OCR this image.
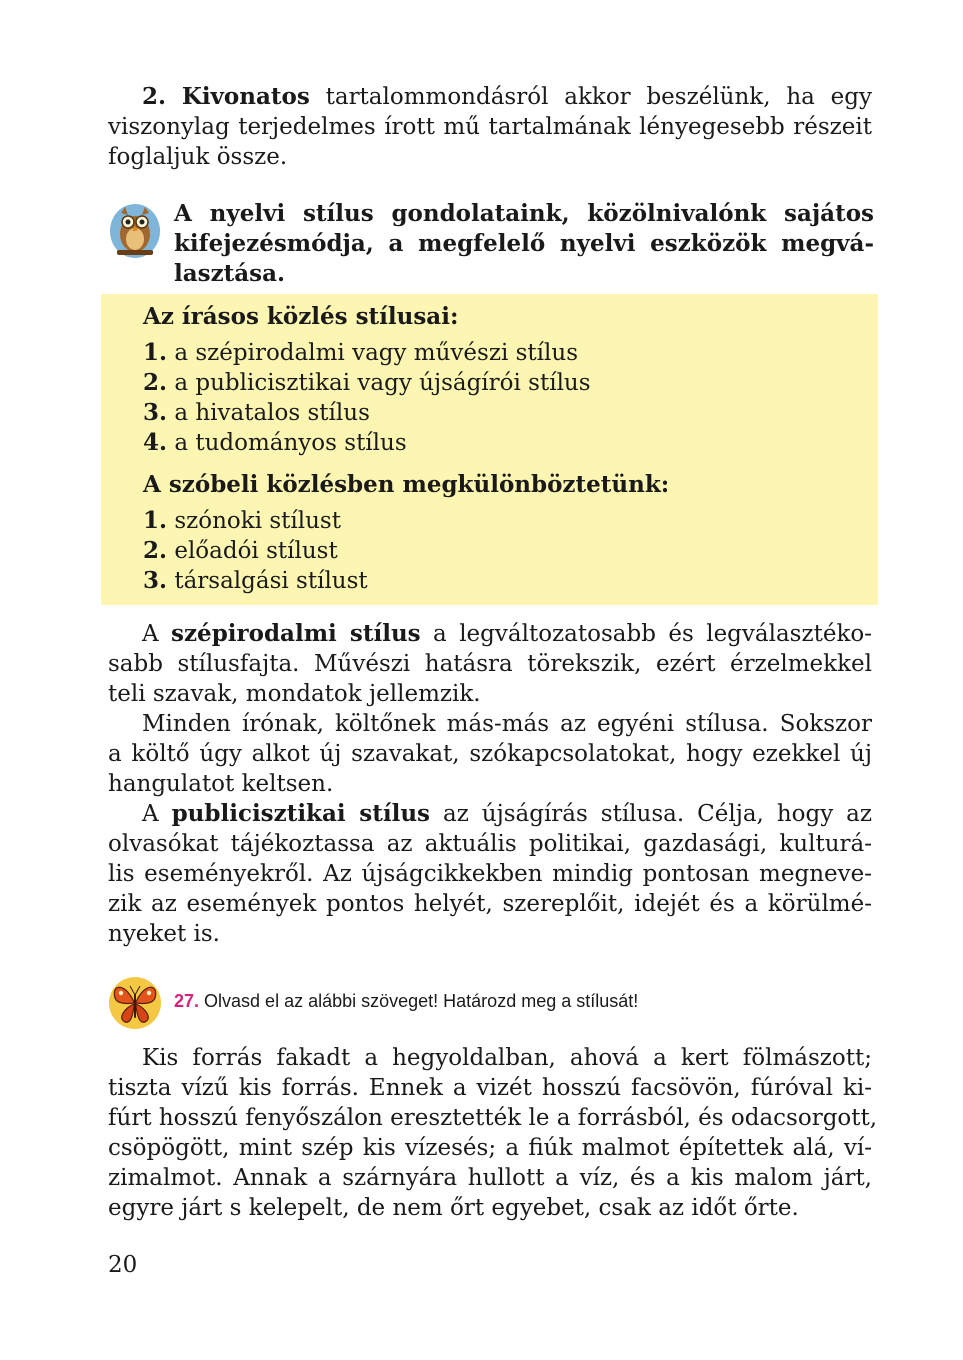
2. Kivonatos tartalommondásról akkor beszélünk, ha egy
viszonylag terjedelmes írott mű tartalmának lényegesebb részeit
foglaljuk össze.
A nyelvi stílus gondolataink, közölnivalónk sajátos
kifejezésmódja, a megfelelő nyelvi eszközök megvá-
lasztása.
Az írásos közlés stílusai:
1. a szépirodalmi vagy művészi stílus
2. a publicisztikai vagy újságírói stílus
3. a hivatalos stílus
4. a tudományos stílus
A szóbeli közlésben megkülönböztetünk:
1. szónoki stílust
2. előadói stílust
3. társalgási stílust
A szépirodalmi stílus a legváltozatosabb és legválasztéko-
sabb stílusfajta. Művészi hatásra törekszik, ezért érzelmekkel
teli szavak, mondatok jellemzik.
Minden írónak, költőnek más-más az egyéni stílusa. Sokszor
a költő úgy alkot új szavakat, szókapcsolatokat, hogy ezekkel új
hangulatot keltsen.
A publicisztikai stílus az újságírás stílusa. Célja, hogy az
olvasókat tájékoztassa az aktuális politikai, gazdasági, kulturá-
lis eseményekről. Az újságcikkekben mindig pontosan megneve-
zik az események pontos helyét, szereplőit, idejét és a körülmé-
nyeket is.
27. Olvasd el az alábbi szöveget! Határozd meg a stílusát!
Kis forrás fakadt a hegyoldalban, ahová a kert fölmászott;
tiszta vízű kis forrás. Ennek a vizét hosszú facsövön, fúróval ki-
fúrt hosszú fenyőszálon eresztették le a forrásból, és odacsorgott,
csöpögött, mint szép kis vízesés; a fiúk malmot építettek alá, ví-
zimalmot. Annak a szárnyára hullott a víz, és a kis malom járt,
egyre járt s kelepelt, de nem őrt egyebet, csak az időt őrte.
20
